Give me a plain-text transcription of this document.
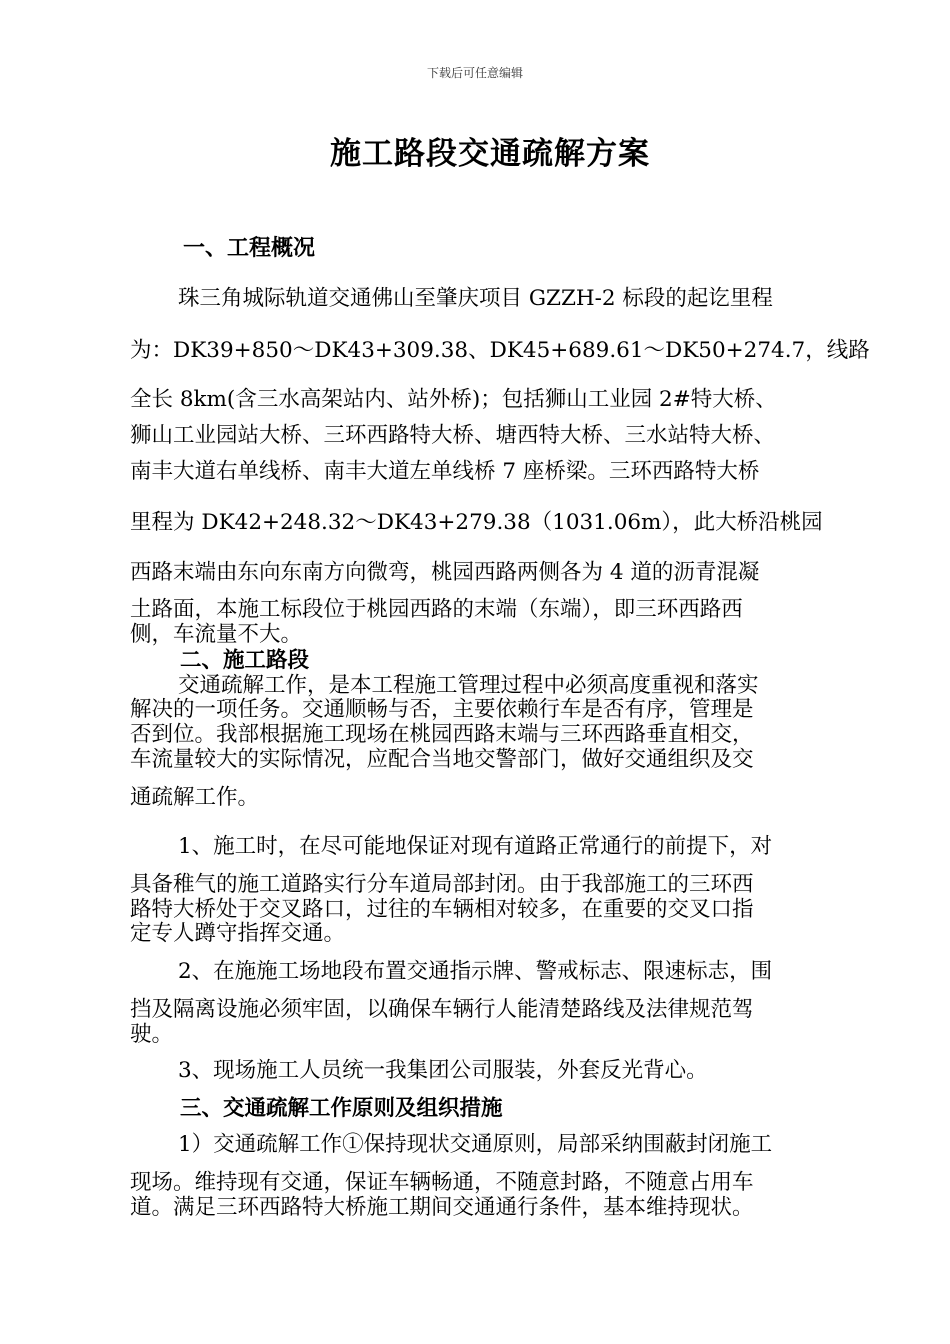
下载后可任意编辑
施工路段交通疏解方案
一、工程概况
珠三角城际轨道交通佛山至肇庆项目 GZZH-2 标段的起讫里程
为：DK39+850～DK43+309.38、DK45+689.61～DK50+274.7，线路
全长 8km(含三水高架站内、站外桥)；包括狮山工业园 2#特大桥、
狮山工业园站大桥、三环西路特大桥、塘西特大桥、三水站特大桥、
南丰大道右单线桥、南丰大道左单线桥 7 座桥梁。三环西路特大桥
里程为 DK42+248.32～DK43+279.38（1031.06m），此大桥沿桃园
西路末端由东向东南方向微弯，桃园西路两侧各为 4 道的沥青混凝
土路面，本施工标段位于桃园西路的末端（东端），即三环西路西
侧，车流量不大。
二、施工路段
交通疏解工作，是本工程施工管理过程中必须高度重视和落实
解决的一项任务。交通顺畅与否，主要依赖行车是否有序，管理是
否到位。我部根据施工现场在桃园西路末端与三环西路垂直相交，
车流量较大的实际情况，应配合当地交警部门，做好交通组织及交
通疏解工作。
1、施工时，在尽可能地保证对现有道路正常通行的前提下，对
具备稚气的施工道路实行分车道局部封闭。由于我部施工的三环西
路特大桥处于交叉路口，过往的车辆相对较多，在重要的交叉口指
定专人蹲守指挥交通。
2、在施施工场地段布置交通指示牌、警戒标志、限速标志，围
挡及隔离设施必须牢固，以确保车辆行人能清楚路线及法律规范驾
驶。
3、现场施工人员统一我集团公司服装，外套反光背心。
三、交通疏解工作原则及组织措施
1）交通疏解工作①保持现状交通原则，局部采纳围蔽封闭施工
现场。维持现有交通，保证车辆畅通，不随意封路，不随意占用车
道。满足三环西路特大桥施工期间交通通行条件，基本维持现状。
